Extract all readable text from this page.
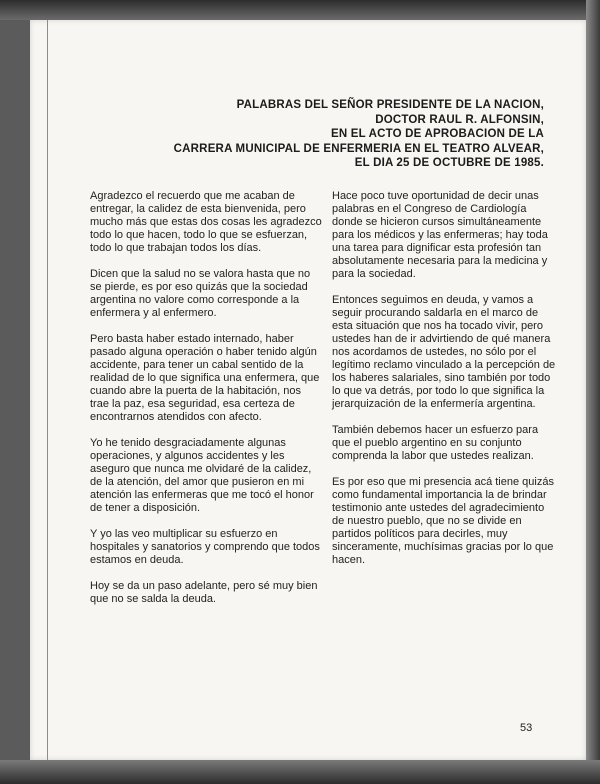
PALABRAS DEL SEÑOR PRESIDENTE DE LA NACION,
DOCTOR RAUL R. ALFONSIN,
EN EL ACTO DE APROBACION DE LA
CARRERA MUNICIPAL DE ENFERMERIA EN EL TEATRO ALVEAR,
EL DIA 25 DE OCTUBRE DE 1985.

Agradezco el recuerdo que me acaban de entregar, la calidez de esta bienvenida, pero mucho más que estas dos cosas les agradezco todo lo que hacen, todo lo que se esfuerzan, todo lo que trabajan todos los días.

Dicen que la salud no se valora hasta que no se pierde, es por eso quizás que la sociedad argentina no valore como corresponde a la enfermera y al enfermero.

Pero basta haber estado internado, haber pasado alguna operación o haber tenido algún accidente, para tener un cabal sentido de la realidad de lo que significa una enfermera, que cuando abre la puerta de la habitación, nos trae la paz, esa seguridad, esa certeza de encontrarnos atendidos con afecto.

Yo he tenido desgraciadamente algunas operaciones, y algunos accidentes y les aseguro que nunca me olvidaré de la calidez, de la atención, del amor que pusieron en mi atención las enfermeras que me tocó el honor de tener a disposición.

Y yo las veo multiplicar su esfuerzo en hospitales y sanatorios y comprendo que todos estamos en deuda.

Hoy se da un paso adelante, pero sé muy bien que no se salda la deuda.

Hace poco tuve oportunidad de decir unas palabras en el Congreso de Cardiología donde se hicieron cursos simultáneamente para los médicos y las enfermeras; hay toda una tarea para dignificar esta profesión tan absolutamente necesaria para la medicina y para la sociedad.

Entonces seguimos en deuda, y vamos a seguir procurando saldarla en el marco de esta situación que nos ha tocado vivir, pero ustedes han de ir advirtiendo de qué manera nos acordamos de ustedes, no sólo por el legítimo reclamo vinculado a la percepción de los haberes salariales, sino también por todo lo que va detrás, por todo lo que significa la jerarquización de la enfermería argentina.

También debemos hacer un esfuerzo para que el pueblo argentino en su conjunto comprenda la labor que ustedes realizan.

Es por eso que mi presencia acá tiene quizás como fundamental importancia la de brindar testimonio ante ustedes del agradecimiento de nuestro pueblo, que no se divide en partidos políticos para decirles, muy sinceramente, muchísimas gracias por lo que hacen.

53
